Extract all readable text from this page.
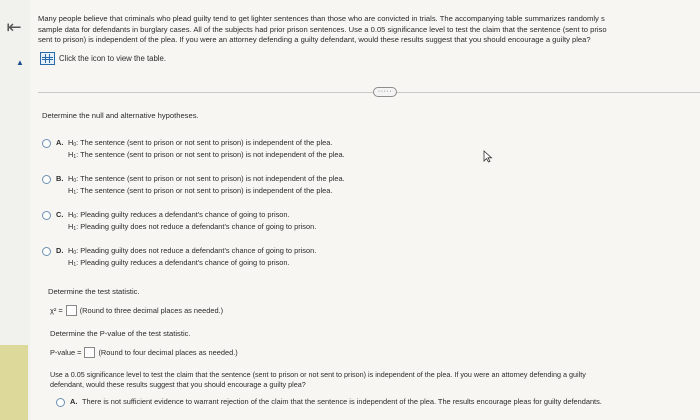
⇤
▲
Many people believe that criminals who plead guilty tend to get lighter sentences than those who are convicted in trials. The accompanying table summarizes randomly s
sample data for defendants in burglary cases. All of the subjects had prior prison sentences. Use a 0.05 significance level to test the claim that the sentence (sent to priso
sent to prison) is independent of the plea. If you were an attorney defending a guilty defendant, would these results suggest that you should encourage a guilty plea?
Click the icon to view the table.
·····
Determine the null and alternative hypotheses.
A. $H_0$: The sentence (sent to prison or not sent to prison) is independent of the plea.
$H_1$: The sentence (sent to prison or not sent to prison) is not independent of the plea.
B. $H_0$: The sentence (sent to prison or not sent to prison) is not independent of the plea.
$H_1$: The sentence (sent to prison or not sent to prison) is independent of the plea.
C. $H_0$: Pleading guilty reduces a defendant's chance of going to prison.
$H_1$: Pleading guilty does not reduce a defendant's chance of going to prison.
D. $H_0$: Pleading guilty does not reduce a defendant's chance of going to prison.
$H_1$: Pleading guilty reduces a defendant's chance of going to prison.
Determine the test statistic.
χ² = (Round to three decimal places as needed.)
Determine the P-value of the test statistic.
P-value = (Round to four decimal places as needed.)
Use a 0.05 significance level to test the claim that the sentence (sent to prison or not sent to prison) is independent of the plea. If you were an attorney defending a guilty
defendant, would these results suggest that you should encourage a guilty plea?
A. There is not sufficient evidence to warrant rejection of the claim that the sentence is independent of the plea. The results encourage pleas for guilty defendants.
